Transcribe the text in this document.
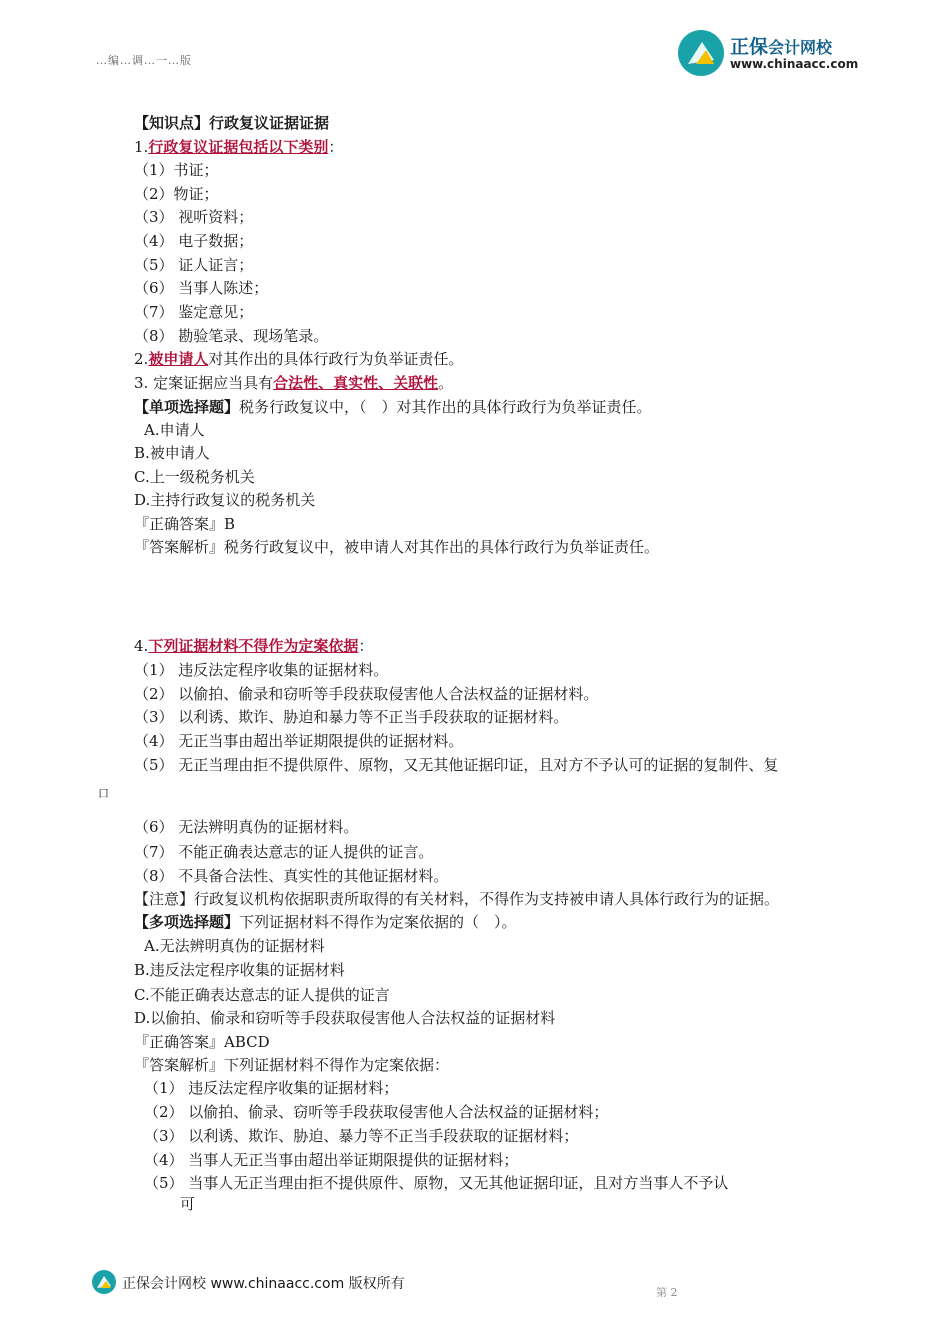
…编…调…一…版
正保会计网校
www.chinaacc.com
【知识点】行政复议证据证据
1.行政复议证据包括以下类别：
（1）书证；
（2）物证；
（3） 视听资料；
（4） 电子数据；
（5） 证人证言；
（6） 当事人陈述；
（7） 鉴定意见；
（8） 勘验笔录、现场笔录。
2.被申请人对其作出的具体行政行为负举证责任。
3. 定案证据应当具有合法性、真实性、关联性。
【单项选择题】税务行政复议中，（　）对其作出的具体行政行为负举证责任。
A.申请人
B.被申请人
C.上一级税务机关
D.主持行政复议的税务机关
『正确答案』B
『答案解析』税务行政复议中，被申请人对其作出的具体行政行为负举证责任。
4.下列证据材料不得作为定案依据：
（1） 违反法定程序收集的证据材料。
（2） 以偷拍、偷录和窃听等手段获取侵害他人合法权益的证据材料。
（3） 以利诱、欺诈、胁迫和暴力等不正当手段获取的证据材料。
（4） 无正当事由超出举证期限提供的证据材料。
（5） 无正当理由拒不提供原件、原物，又无其他证据印证，且对方不予认可的证据的复制件、复
口
（6） 无法辨明真伪的证据材料。
（7） 不能正确表达意志的证人提供的证言。
（8） 不具备合法性、真实性的其他证据材料。
【注意】行政复议机构依据职责所取得的有关材料，不得作为支持被申请人具体行政行为的证据。
【多项选择题】下列证据材料不得作为定案依据的（　）。
A.无法辨明真伪的证据材料
B.违反法定程序收集的证据材料
C.不能正确表达意志的证人提供的证言
D.以偷拍、偷录和窃听等手段获取侵害他人合法权益的证据材料
『正确答案』ABCD
『答案解析』下列证据材料不得作为定案依据：
（1） 违反法定程序收集的证据材料；
（2） 以偷拍、偷录、窃听等手段获取侵害他人合法权益的证据材料；
（3） 以利诱、欺诈、胁迫、暴力等不正当手段获取的证据材料；
（4） 当事人无正当事由超出举证期限提供的证据材料；
（5） 当事人无正当理由拒不提供原件、原物，又无其他证据印证，且对方当事人不予认
可
正保会计网校 www.chinaacc.com 版权所有
第 2
